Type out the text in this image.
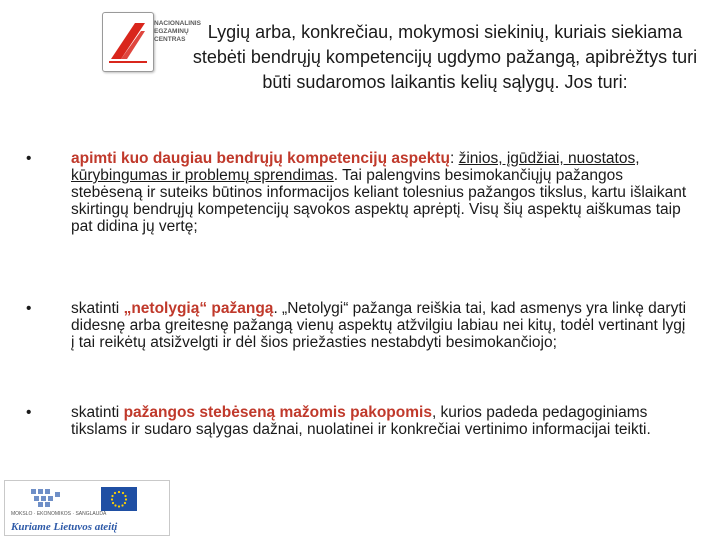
NACIONALINIS
EGZAMINŲ
CENTRAS	Lygių arba, konkrečiau, mokymosi siekinių, kuriais siekiama stebėti bendrųjų kompetencijų ugdymo pažangą, apibrėžtys turi būti sudaromos laikantis kelių sąlygų. Jos turi:
•	apimti kuo daugiau bendrųjų kompetencijų aspektų: žinios, įgūdžiai, nuostatos, kūrybingumas ir problemų sprendimas. Tai palengvins besimokančiųjų pažangos stebėseną ir suteiks būtinos informacijos keliant tolesnius pažangos tikslus, kartu išlaikant skirtingų bendrųjų kompetencijų sąvokos aspektų aprėptį. Visų šių aspektų aiškumas taip pat didina jų vertę;
•	skatinti „netolygią“ pažangą. „Netolygi“ pažanga reiškia tai, kad asmenys yra linkę daryti didesnę arba greitesnę pažangą vienų aspektų atžvilgiu labiau nei kitų, todėl vertinant lygį į tai reikėtų atsižvelgti ir dėl šios priežasties nestabdyti besimokančiojo;
•	skatinti pažangos stebėseną mažomis pakopomis, kurios padeda pedagoginiams tikslams ir sudaro sąlygas dažnai, nuolatinei ir konkrečiai vertinimo informacijai teikti.
MOKSLO · EKONOMIKOS · SANGLAUDA
Kuriame Lietuvos ateitį
